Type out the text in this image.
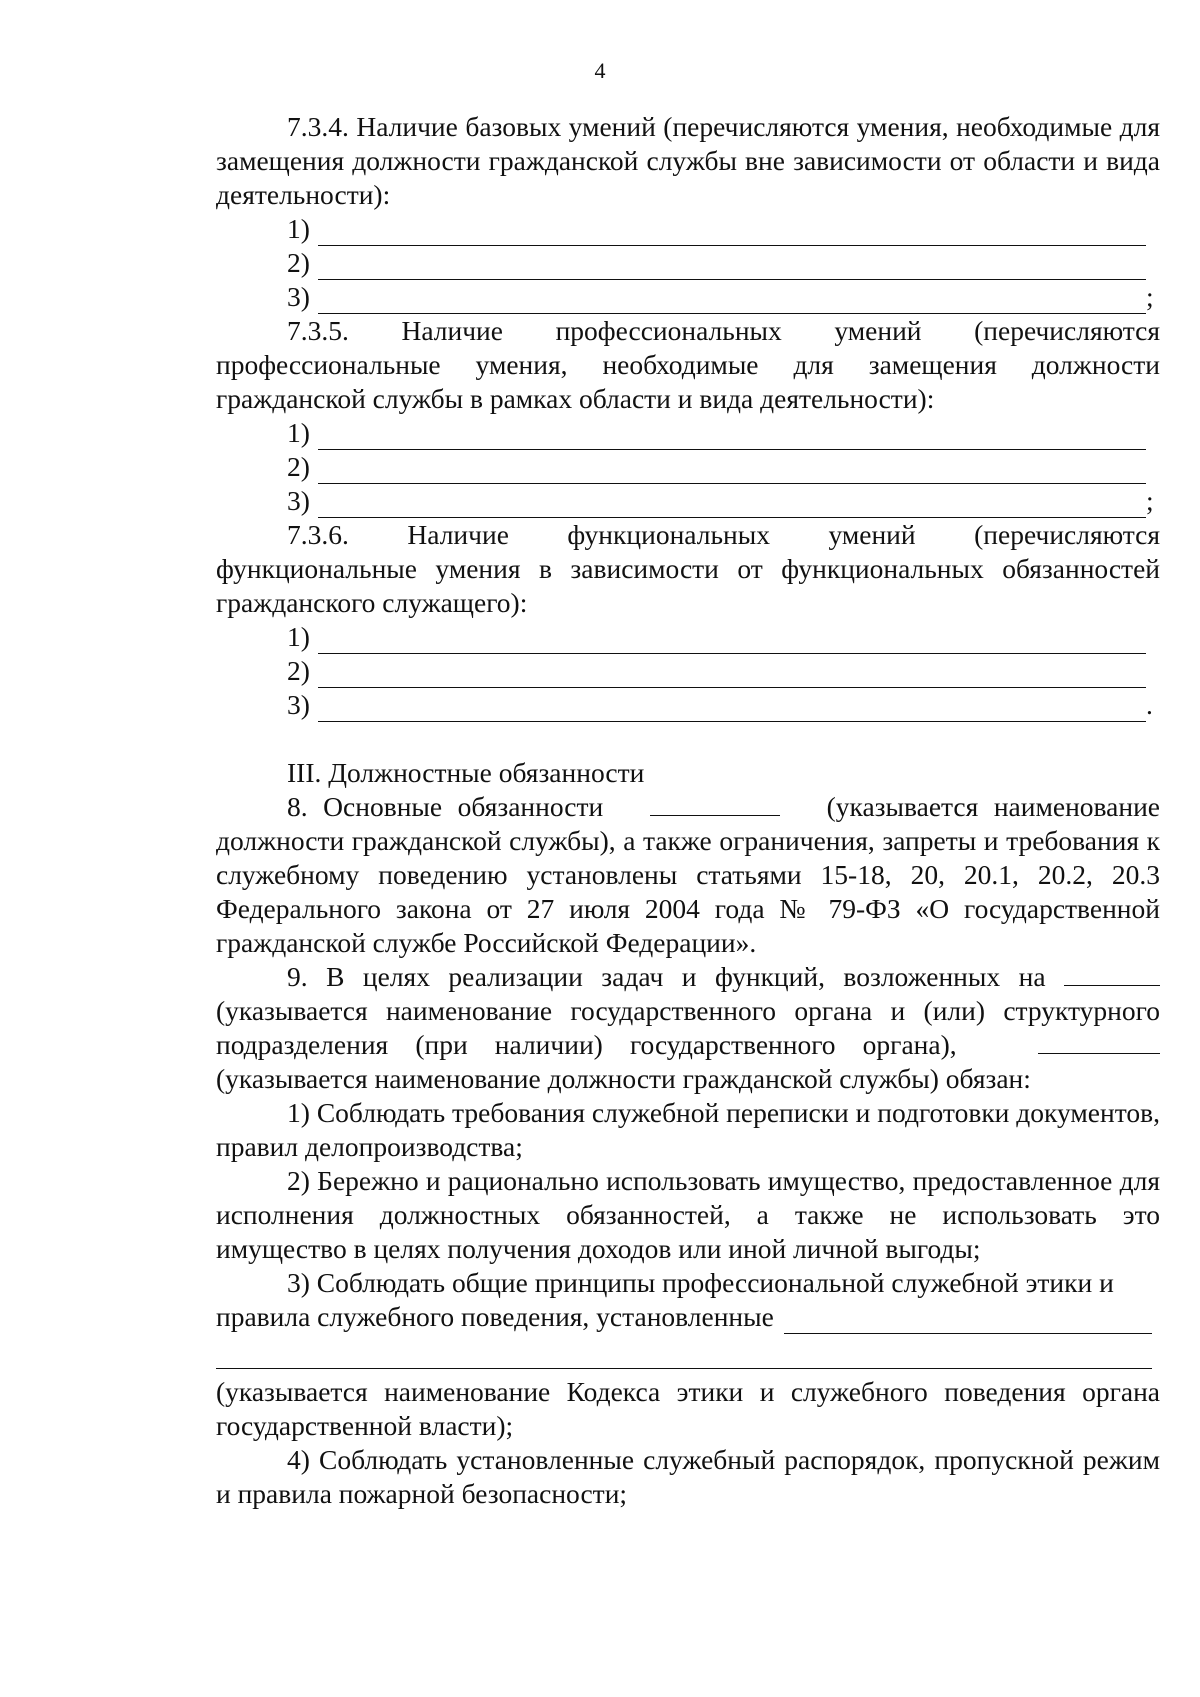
4

7.3.4. Наличие базовых умений (перечисляются умения, необходимые для замещения должности гражданской службы вне зависимости от области и вида деятельности):

1)
2)
3)	;

7.3.5. Наличие профессиональных умений (перечисляются профессиональные умения, необходимые для замещения должности гражданской службы в рамках области и вида деятельности):

1)
2)
3)	;

7.3.6. Наличие функциональных умений (перечисляются функциональные умения в зависимости от функциональных обязанностей гражданского служащего):

1)
2)
3)	.
III. Должностные обязанности

8. Основные обязанности	(указывается наименование должности гражданской службы), а также ограничения, запреты и требования к служебному поведению установлены статьями 15-18, 20, 20.1, 20.2, 20.3 Федерального закона от 27 июля 2004 года № 79-ФЗ «О государственной гражданской службе Российской Федерации».

9. В целях реализации задач и функций, возложенных на  (указывается наименование государственного органа и (или) структурного подразделения (при наличии) государственного органа),    (указывается наименование должности гражданской службы) обязан:

1) Соблюдать требования служебной переписки и подготовки документов, правил делопроизводства;

2) Бережно и рационально использовать имущество, предоставленное для исполнения должностных обязанностей, а также не использовать это имущество в целях получения доходов или иной личной выгоды;

3) Соблюдать общие принципы профессиональной служебной этики и

правила служебного поведения, установленные

(указывается наименование Кодекса этики и служебного поведения органа государственной власти);

4) Соблюдать установленные служебный распорядок, пропускной режим и правила пожарной безопасности;
